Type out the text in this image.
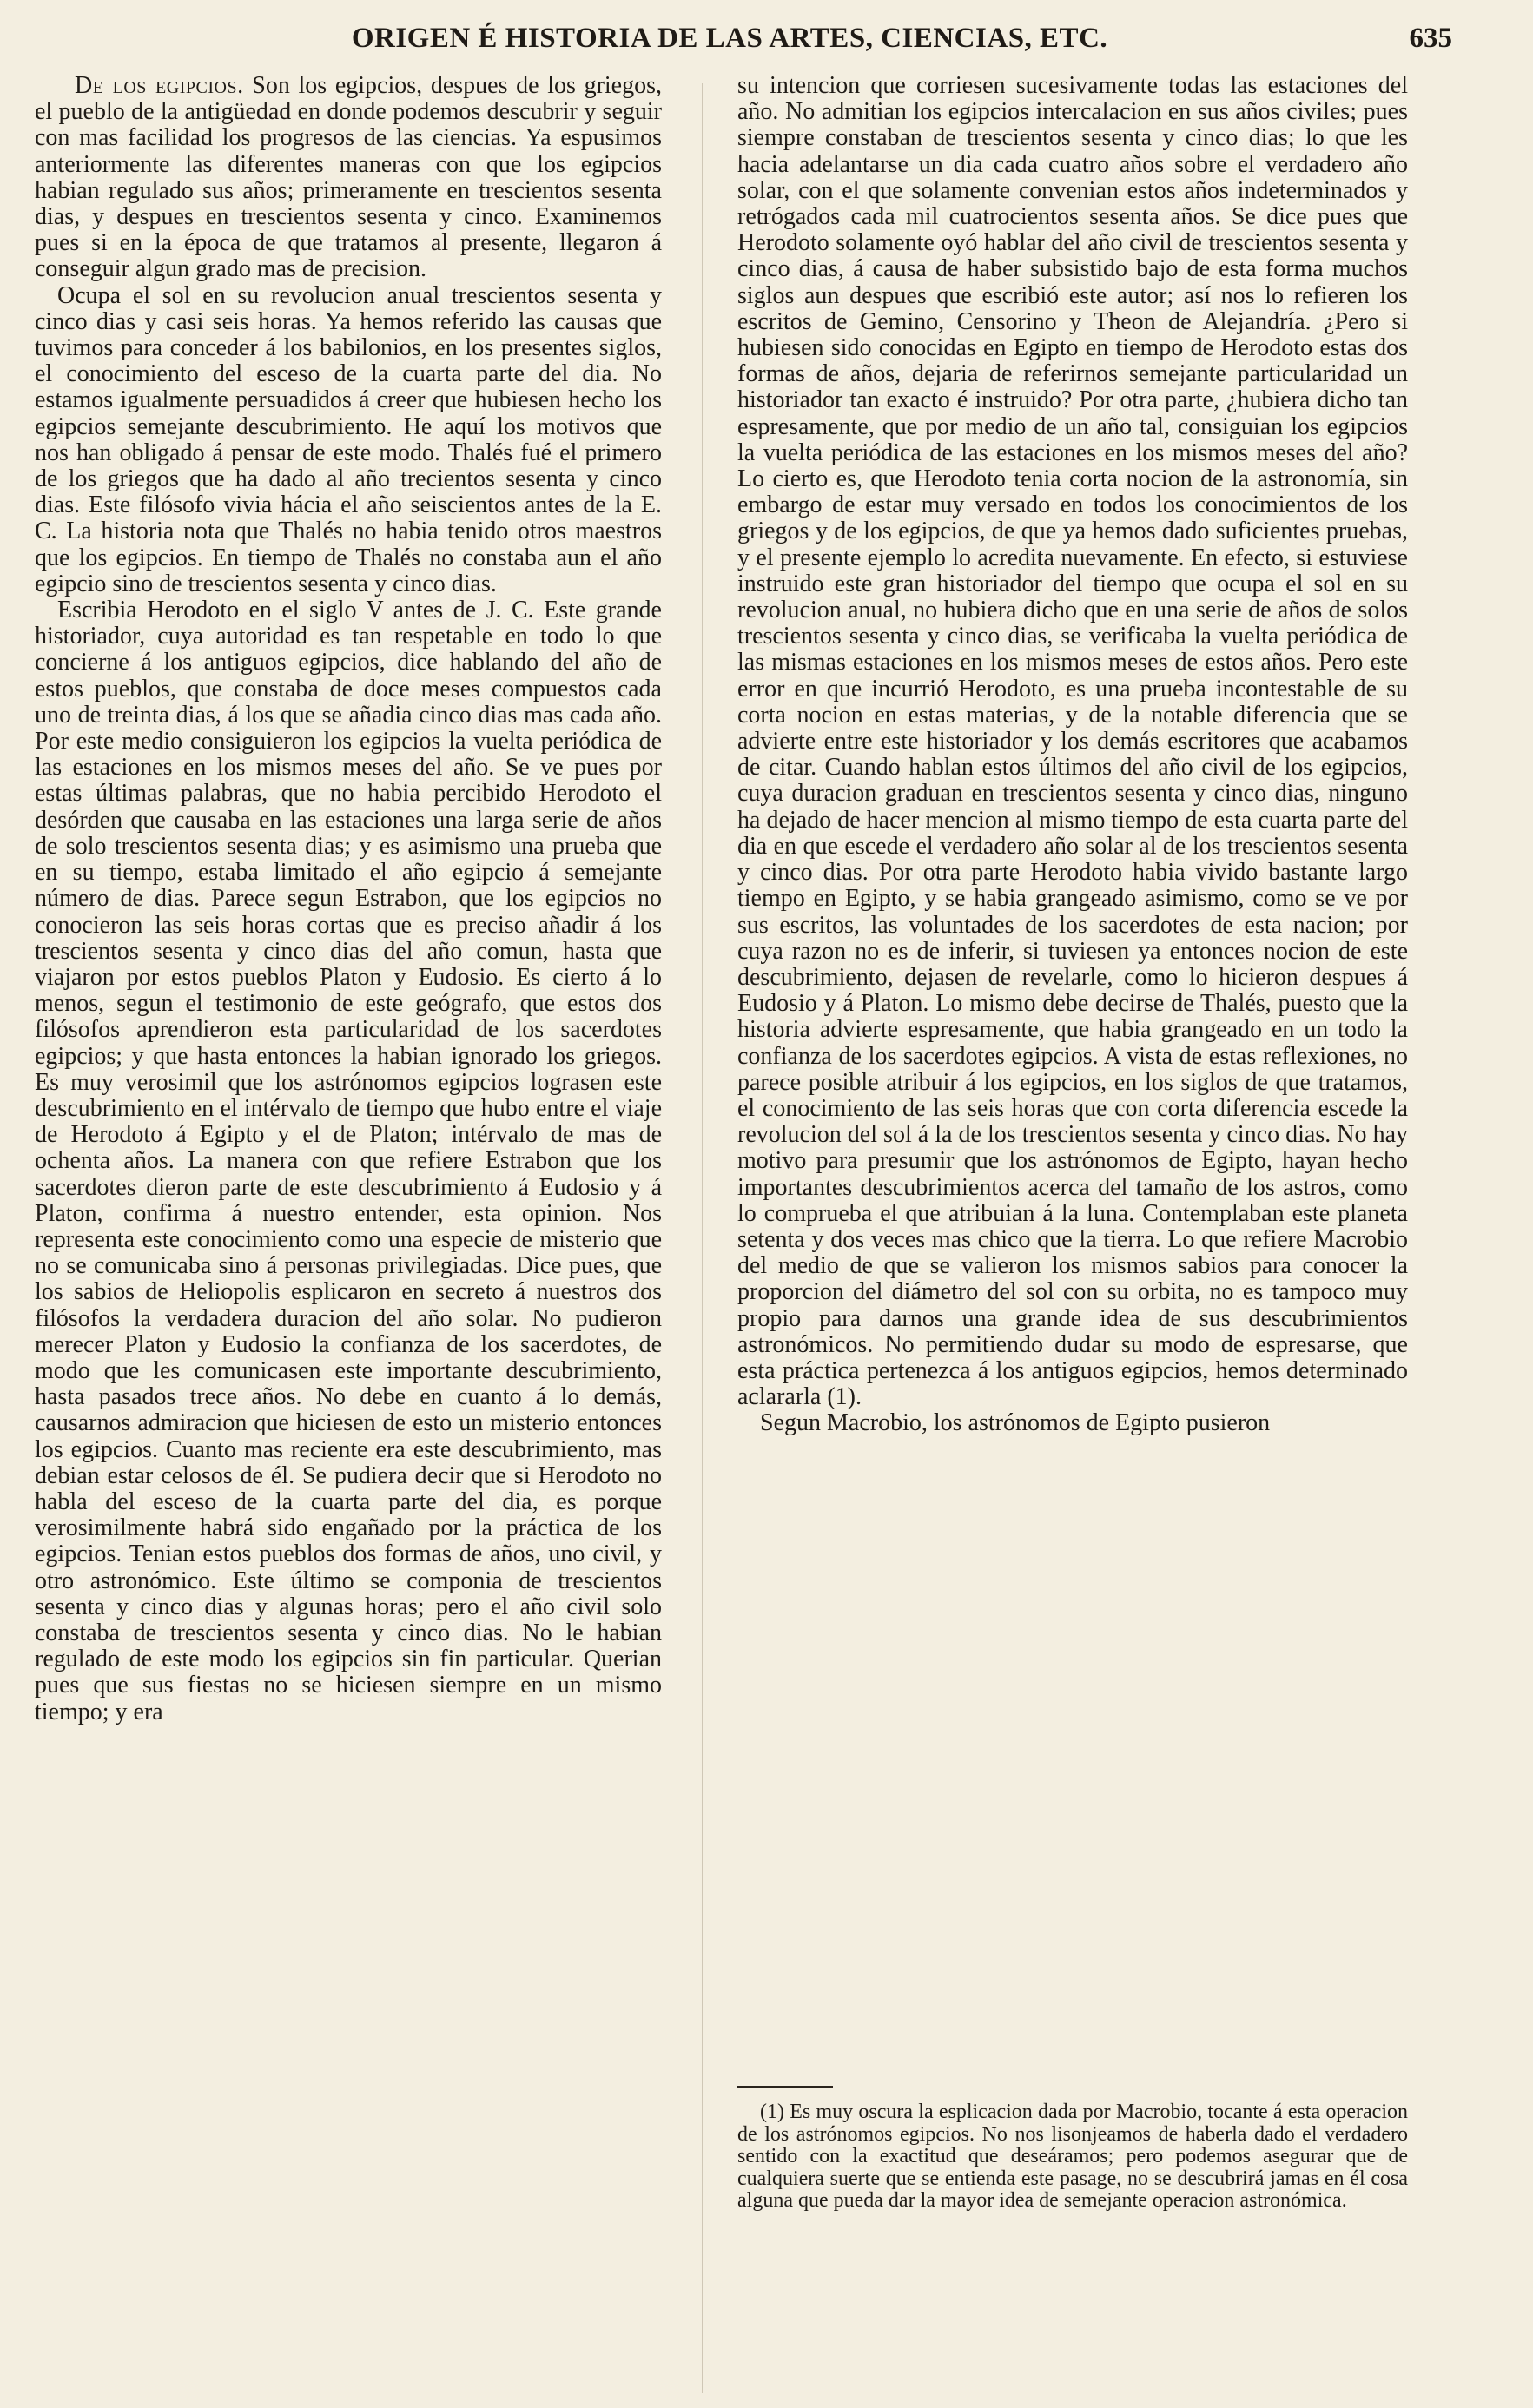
ORIGEN É HISTORIA DE LAS ARTES, CIENCIAS, ETC.	635

De los egipcios. Son los egipcios, despues de los griegos, el pueblo de la antigüedad en donde podemos descubrir y seguir con mas facilidad los progresos de las ciencias. Ya espusimos anteriormente las diferentes maneras con que los egipcios habian regulado sus años; primeramente en trescientos sesenta dias, y despues en trescientos sesenta y cinco. Examinemos pues si en la época de que tratamos al presente, llegaron á conseguir algun grado mas de precision.

Ocupa el sol en su revolucion anual trescientos sesenta y cinco dias y casi seis horas. Ya hemos referido las causas que tuvimos para conceder á los babilonios, en los presentes siglos, el conocimiento del esceso de la cuarta parte del dia. No estamos igualmente persuadidos á creer que hubiesen hecho los egipcios semejante descubrimiento. He aquí los motivos que nos han obligado á pensar de este modo. Thalés fué el primero de los griegos que ha dado al año trecientos sesenta y cinco dias. Este filósofo vivia hácia el año seiscientos antes de la E. C. La historia nota que Thalés no habia tenido otros maestros que los egipcios. En tiempo de Thalés no constaba aun el año egipcio sino de trescientos sesenta y cinco dias.

Escribia Herodoto en el siglo V antes de J. C. Este grande historiador, cuya autoridad es tan respetable en todo lo que concierne á los antiguos egipcios, dice hablando del año de estos pueblos, que constaba de doce meses compuestos cada uno de treinta dias, á los que se añadia cinco dias mas cada año. Por este medio consiguieron los egipcios la vuelta periódica de las estaciones en los mismos meses del año. Se ve pues por estas últimas palabras, que no habia percibido Herodoto el desórden que causaba en las estaciones una larga serie de años de solo trescientos sesenta dias; y es asimismo una prueba que en su tiempo, estaba limitado el año egipcio á semejante número de dias. Parece segun Estrabon, que los egipcios no conocieron las seis horas cortas que es preciso añadir á los trescientos sesenta y cinco dias del año comun, hasta que viajaron por estos pueblos Platon y Eudosio. Es cierto á lo menos, segun el testimonio de este geógrafo, que estos dos filósofos aprendieron esta particularidad de los sacerdotes egipcios; y que hasta entonces la habian ignorado los griegos. Es muy verosimil que los astrónomos egipcios lograsen este descubrimiento en el intérvalo de tiempo que hubo entre el viaje de Herodoto á Egipto y el de Platon; intérvalo de mas de ochenta años. La manera con que refiere Estrabon que los sacerdotes dieron parte de este descubrimiento á Eudosio y á Platon, confirma á nuestro entender, esta opinion. Nos representa este conocimiento como una especie de misterio que no se comunicaba sino á personas privilegiadas. Dice pues, que los sabios de Heliopolis esplicaron en secreto á nuestros dos filósofos la verdadera duracion del año solar. No pudieron merecer Platon y Eudosio la confianza de los sacerdotes, de modo que les comunicasen este importante descubrimiento, hasta pasados trece años. No debe en cuanto á lo demás, causarnos admiracion que hiciesen de esto un misterio entonces los egipcios. Cuanto mas reciente era este descubrimiento, mas debian estar celosos de él. Se pudiera decir que si Herodoto no habla del esceso de la cuarta parte del dia, es porque verosimilmente habrá sido engañado por la práctica de los egipcios. Tenian estos pueblos dos formas de años, uno civil, y otro astronómico. Este último se componia de trescientos sesenta y cinco dias y algunas horas; pero el año civil solo constaba de trescientos sesenta y cinco dias. No le habian regulado de este modo los egipcios sin fin particular. Querian pues que sus fiestas no se hiciesen siempre en un mismo tiempo; y era

su intencion que corriesen sucesivamente todas las estaciones del año. No admitian los egipcios intercalacion en sus años civiles; pues siempre constaban de trescientos sesenta y cinco dias; lo que les hacia adelantarse un dia cada cuatro años sobre el verdadero año solar, con el que solamente convenian estos años indeterminados y retrógados cada mil cuatrocientos sesenta años. Se dice pues que Herodoto solamente oyó hablar del año civil de trescientos sesenta y cinco dias, á causa de haber subsistido bajo de esta forma muchos siglos aun despues que escribió este autor; así nos lo refieren los escritos de Gemino, Censorino y Theon de Alejandría. ¿Pero si hubiesen sido conocidas en Egipto en tiempo de Herodoto estas dos formas de años, dejaria de referirnos semejante particularidad un historiador tan exacto é instruido? Por otra parte, ¿hubiera dicho tan espresamente, que por medio de un año tal, consiguian los egipcios la vuelta periódica de las estaciones en los mismos meses del año? Lo cierto es, que Herodoto tenia corta nocion de la astronomía, sin embargo de estar muy versado en todos los conocimientos de los griegos y de los egipcios, de que ya hemos dado suficientes pruebas, y el presente ejemplo lo acredita nuevamente. En efecto, si estuviese instruido este gran historiador del tiempo que ocupa el sol en su revolucion anual, no hubiera dicho que en una serie de años de solos trescientos sesenta y cinco dias, se verificaba la vuelta periódica de las mismas estaciones en los mismos meses de estos años. Pero este error en que incurrió Herodoto, es una prueba incontestable de su corta nocion en estas materias, y de la notable diferencia que se advierte entre este historiador y los demás escritores que acabamos de citar. Cuando hablan estos últimos del año civil de los egipcios, cuya duracion graduan en trescientos sesenta y cinco dias, ninguno ha dejado de hacer mencion al mismo tiempo de esta cuarta parte del dia en que escede el verdadero año solar al de los trescientos sesenta y cinco dias. Por otra parte Herodoto habia vivido bastante largo tiempo en Egipto, y se habia grangeado asimismo, como se ve por sus escritos, las voluntades de los sacerdotes de esta nacion; por cuya razon no es de inferir, si tuviesen ya entonces nocion de este descubrimiento, dejasen de revelarle, como lo hicieron despues á Eudosio y á Platon. Lo mismo debe decirse de Thalés, puesto que la historia advierte espresamente, que habia grangeado en un todo la confianza de los sacerdotes egipcios. A vista de estas reflexiones, no parece posible atribuir á los egipcios, en los siglos de que tratamos, el conocimiento de las seis horas que con corta diferencia escede la revolucion del sol á la de los trescientos sesenta y cinco dias. No hay motivo para presumir que los astrónomos de Egipto, hayan hecho importantes descubrimientos acerca del tamaño de los astros, como lo comprueba el que atribuian á la luna. Contemplaban este planeta setenta y dos veces mas chico que la tierra. Lo que refiere Macrobio del medio de que se valieron los mismos sabios para conocer la proporcion del diámetro del sol con su orbita, no es tampoco muy propio para darnos una grande idea de sus descubrimientos astronómicos. No permitiendo dudar su modo de espresarse, que esta práctica pertenezca á los antiguos egipcios, hemos determinado aclararla (1).

Segun Macrobio, los astrónomos de Egipto pusieron

(1) Es muy oscura la esplicacion dada por Macrobio, tocante á esta operacion de los astrónomos egipcios. No nos lisonjeamos de haberla dado el verdadero sentido con la exactitud que deseáramos; pero podemos asegurar que de cualquiera suerte que se entienda este pasage, no se descubrirá jamas en él cosa alguna que pueda dar la mayor idea de semejante operacion astronómica.
